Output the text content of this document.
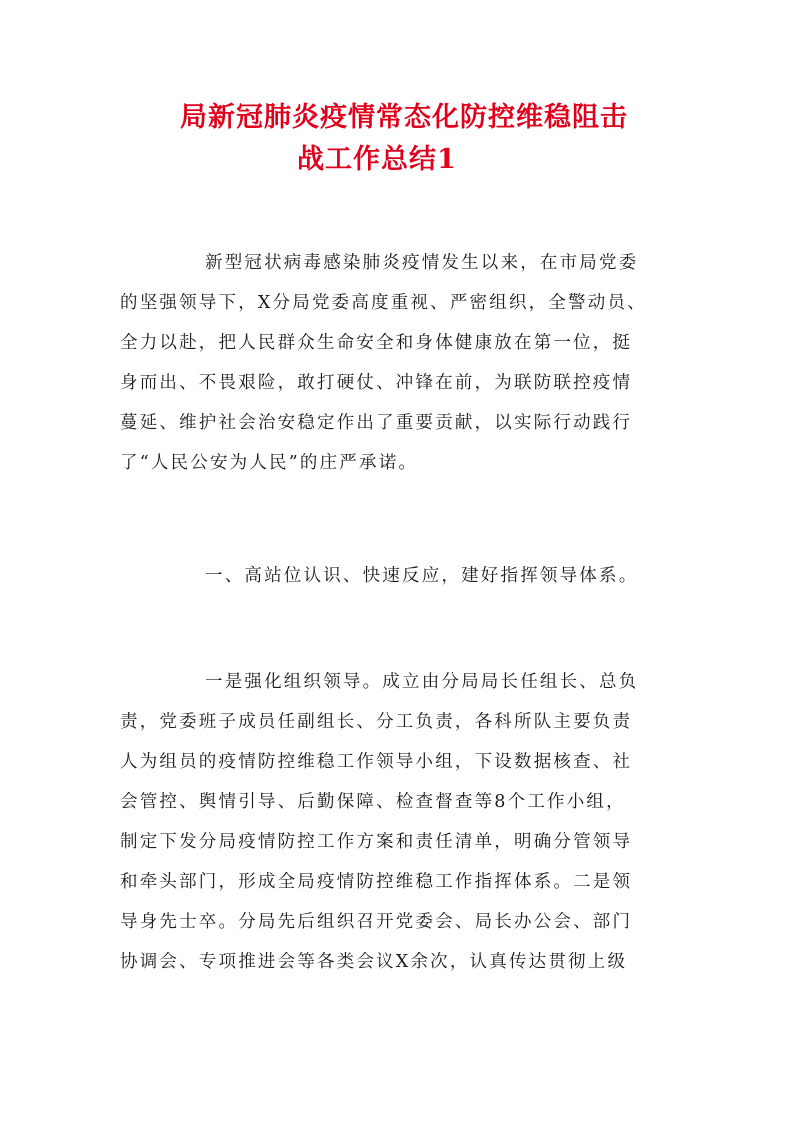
局新冠肺炎疫情常态化防控维稳阻击
战工作总结1
新型冠状病毒感染肺炎疫情发生以来，在市局党委
的坚强领导下，X分局党委高度重视、严密组织，全警动员、
全力以赴，把人民群众生命安全和身体健康放在第一位，挺
身而出、不畏艰险，敢打硬仗、冲锋在前，为联防联控疫情
蔓延、维护社会治安稳定作出了重要贡献，以实际行动践行
了“人民公安为人民”的庄严承诺。
一、高站位认识、快速反应，建好指挥领导体系。
一是强化组织领导。成立由分局局长任组长、总负
责，党委班子成员任副组长、分工负责，各科所队主要负责
人为组员的疫情防控维稳工作领导小组，下设数据核查、社
会管控、舆情引导、后勤保障、检查督查等8个工作小组，
制定下发分局疫情防控工作方案和责任清单，明确分管领导
和牵头部门，形成全局疫情防控维稳工作指挥体系。二是领
导身先士卒。分局先后组织召开党委会、局长办公会、部门
协调会、专项推进会等各类会议X余次，认真传达贯彻上级
